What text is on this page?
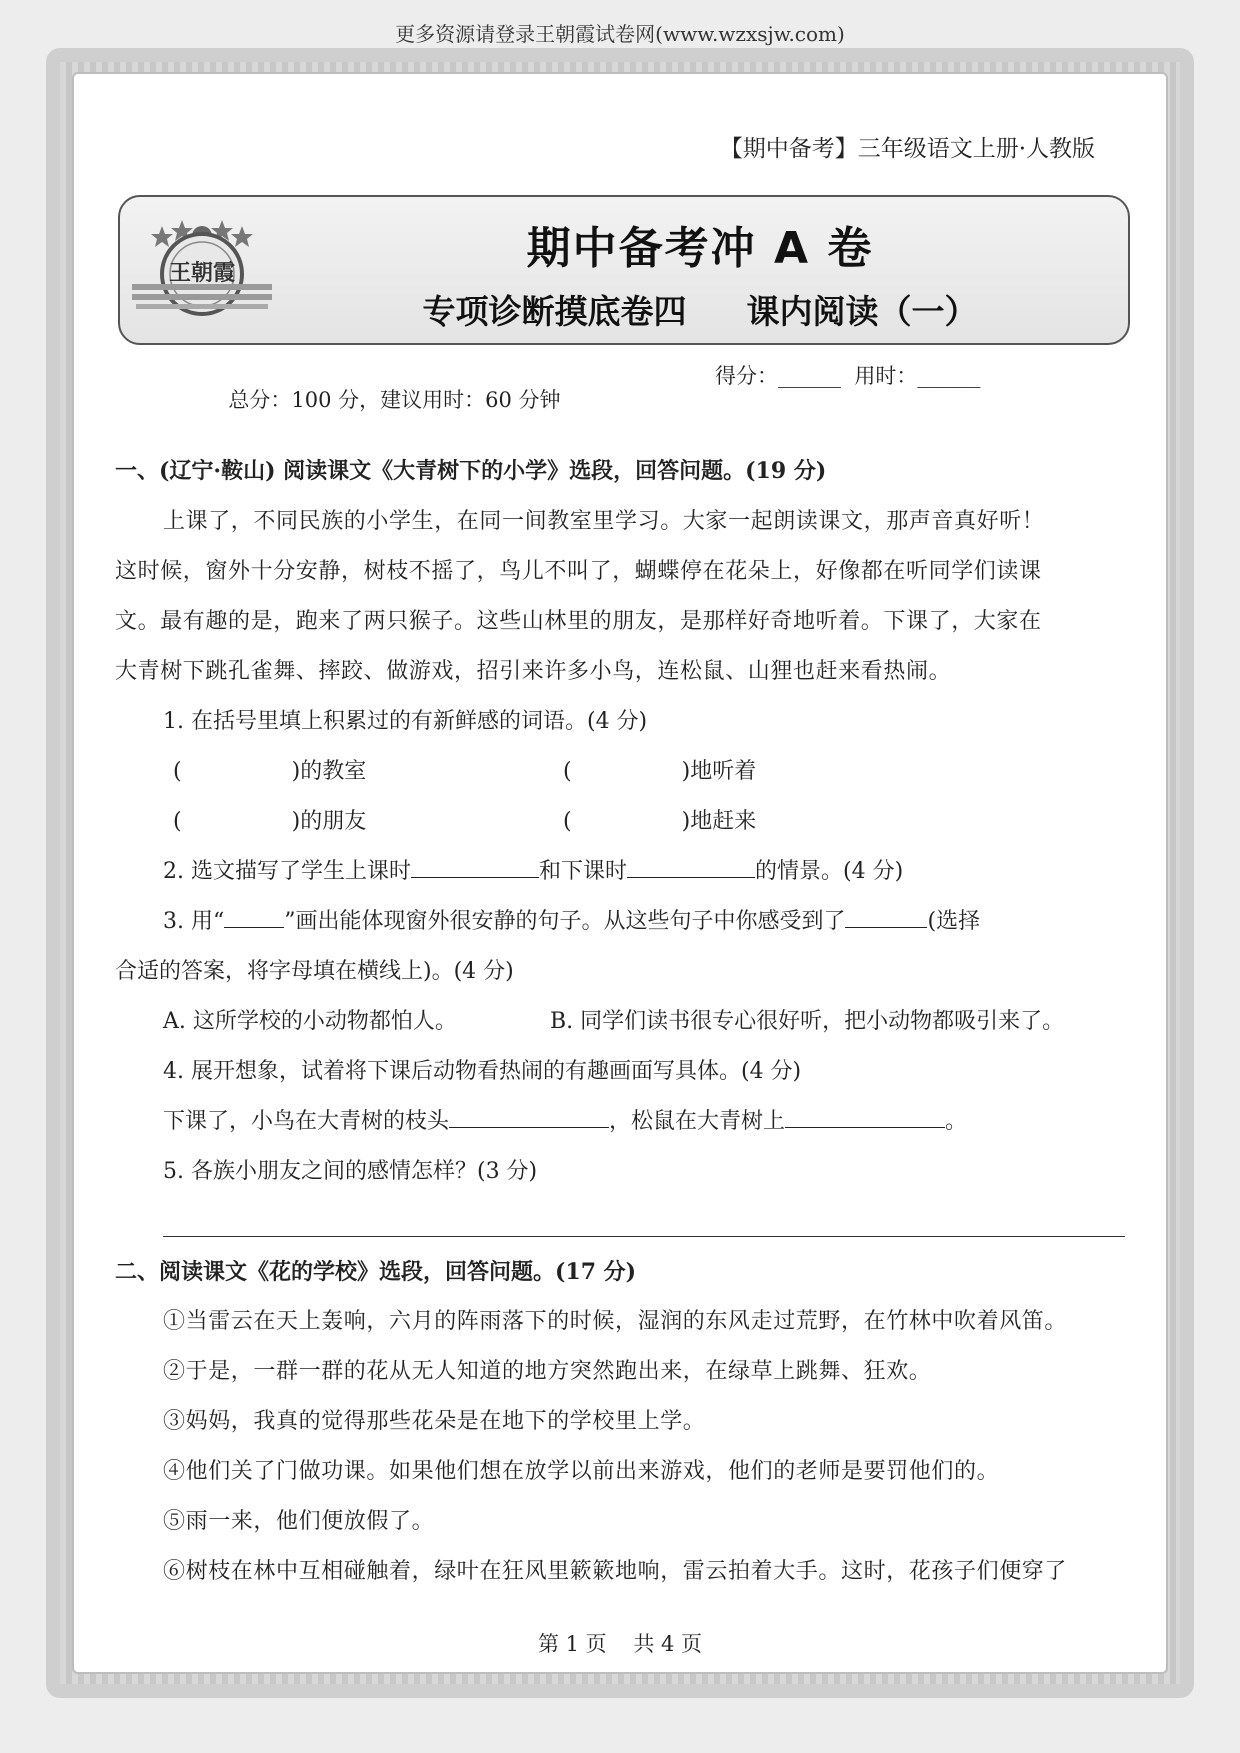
更多资源请登录王朝霞试卷网(www.wzxsjw.com)
【期中备考】三年级语文上册·人教版
王朝霞	期中备考冲 A 卷
专项诊断摸底卷四 课内阅读（一）

总分：100 分，建议用时：60 分钟

得分：______  用时：______

一、(辽宁·鞍山) 阅读课文《大青树下的小学》选段，回答问题。(19 分)
上课了，不同民族的小学生，在同一间教室里学习。大家一起朗读课文，那声音真好听！
这时候，窗外十分安静，树枝不摇了，鸟儿不叫了，蝴蝶停在花朵上，好像都在听同学们读课
文。最有趣的是，跑来了两只猴子。这些山林里的朋友，是那样好奇地听着。下课了，大家在
大青树下跳孔雀舞、摔跤、做游戏，招引来许多小鸟，连松鼠、山狸也赶来看热闹。
1. 在括号里填上积累过的有新鲜感的词语。(4 分)
(	)的教室	(	)地听着
(	)的朋友	(	)地赶来
2. 选文描写了学生上课时	和下课时	的情景。(4 分)
3. 用“	”画出能体现窗外很安静的句子。从这些句子中你感受到了	(选择
合适的答案，将字母填在横线上)。(4 分)
A. 这所学校的小动物都怕人。	B. 同学们读书很专心很好听，把小动物都吸引来了。
4. 展开想象，试着将下课后动物看热闹的有趣画面写具体。(4 分)
下课了，小鸟在大青树的枝头	，松鼠在大青树上	。
5. 各族小朋友之间的感情怎样？(3 分)
二、阅读课文《花的学校》选段，回答问题。(17 分)
①当雷云在天上轰响，六月的阵雨落下的时候，湿润的东风走过荒野，在竹林中吹着风笛。
②于是，一群一群的花从无人知道的地方突然跑出来，在绿草上跳舞、狂欢。
③妈妈，我真的觉得那些花朵是在地下的学校里上学。
④他们关了门做功课。如果他们想在放学以前出来游戏，他们的老师是要罚他们的。
⑤雨一来，他们便放假了。
⑥树枝在林中互相碰触着，绿叶在狂风里簌簌地响，雷云拍着大手。这时，花孩子们便穿了
第 1 页    共 4 页
